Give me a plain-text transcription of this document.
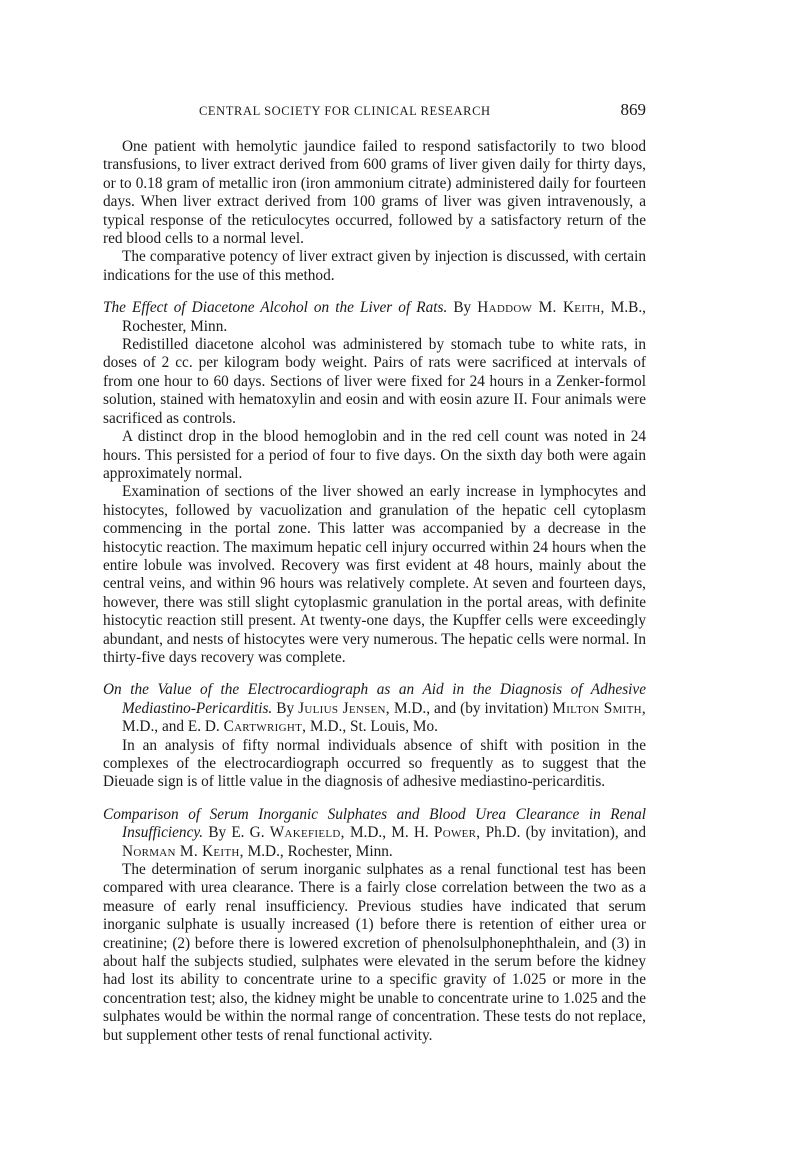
CENTRAL SOCIETY FOR CLINICAL RESEARCH	869

One patient with hemolytic jaundice failed to respond satisfactorily to two blood transfusions, to liver extract derived from 600 grams of liver given daily for thirty days, or to 0.18 gram of metallic iron (iron ammonium citrate) administered daily for fourteen days. When liver extract derived from 100 grams of liver was given intravenously, a typical response of the reticulocytes occurred, followed by a satisfactory return of the red blood cells to a normal level.

The comparative potency of liver extract given by injection is discussed, with certain indications for the use of this method.

The Effect of Diacetone Alcohol on the Liver of Rats. By Haddow M. Keith, M.B., Rochester, Minn.

Redistilled diacetone alcohol was administered by stomach tube to white rats, in doses of 2 cc. per kilogram body weight. Pairs of rats were sacrificed at intervals of from one hour to 60 days. Sections of liver were fixed for 24 hours in a Zenker-formol solution, stained with hematoxylin and eosin and with eosin azure II. Four animals were sacrificed as controls.

A distinct drop in the blood hemoglobin and in the red cell count was noted in 24 hours. This persisted for a period of four to five days. On the sixth day both were again approximately normal.

Examination of sections of the liver showed an early increase in lymphocytes and histocytes, followed by vacuolization and granulation of the hepatic cell cytoplasm commencing in the portal zone. This latter was accompanied by a decrease in the histocytic reaction. The maximum hepatic cell injury occurred within 24 hours when the entire lobule was involved. Recovery was first evident at 48 hours, mainly about the central veins, and within 96 hours was relatively complete. At seven and fourteen days, however, there was still slight cytoplasmic granulation in the portal areas, with definite histocytic reaction still present. At twenty-one days, the Kupffer cells were exceedingly abundant, and nests of histocytes were very numerous. The hepatic cells were normal. In thirty-five days recovery was complete.

On the Value of the Electrocardiograph as an Aid in the Diagnosis of Adhesive Mediastino-Pericarditis. By Julius Jensen, M.D., and (by invitation) Milton Smith, M.D., and E. D. Cartwright, M.D., St. Louis, Mo.

In an analysis of fifty normal individuals absence of shift with position in the complexes of the electrocardiograph occurred so frequently as to suggest that the Dieuade sign is of little value in the diagnosis of adhesive mediastino-pericarditis.

Comparison of Serum Inorganic Sulphates and Blood Urea Clearance in Renal Insufficiency. By E. G. Wakefield, M.D., M. H. Power, Ph.D. (by invitation), and Norman M. Keith, M.D., Rochester, Minn.

The determination of serum inorganic sulphates as a renal functional test has been compared with urea clearance. There is a fairly close correlation between the two as a measure of early renal insufficiency. Previous studies have indicated that serum inorganic sulphate is usually increased (1) before there is retention of either urea or creatinine; (2) before there is lowered excretion of phenolsulphonephthalein, and (3) in about half the subjects studied, sulphates were elevated in the serum before the kidney had lost its ability to concentrate urine to a specific gravity of 1.025 or more in the concentration test; also, the kidney might be unable to concentrate urine to 1.025 and the sulphates would be within the normal range of concentration. These tests do not replace, but supplement other tests of renal functional activity.
